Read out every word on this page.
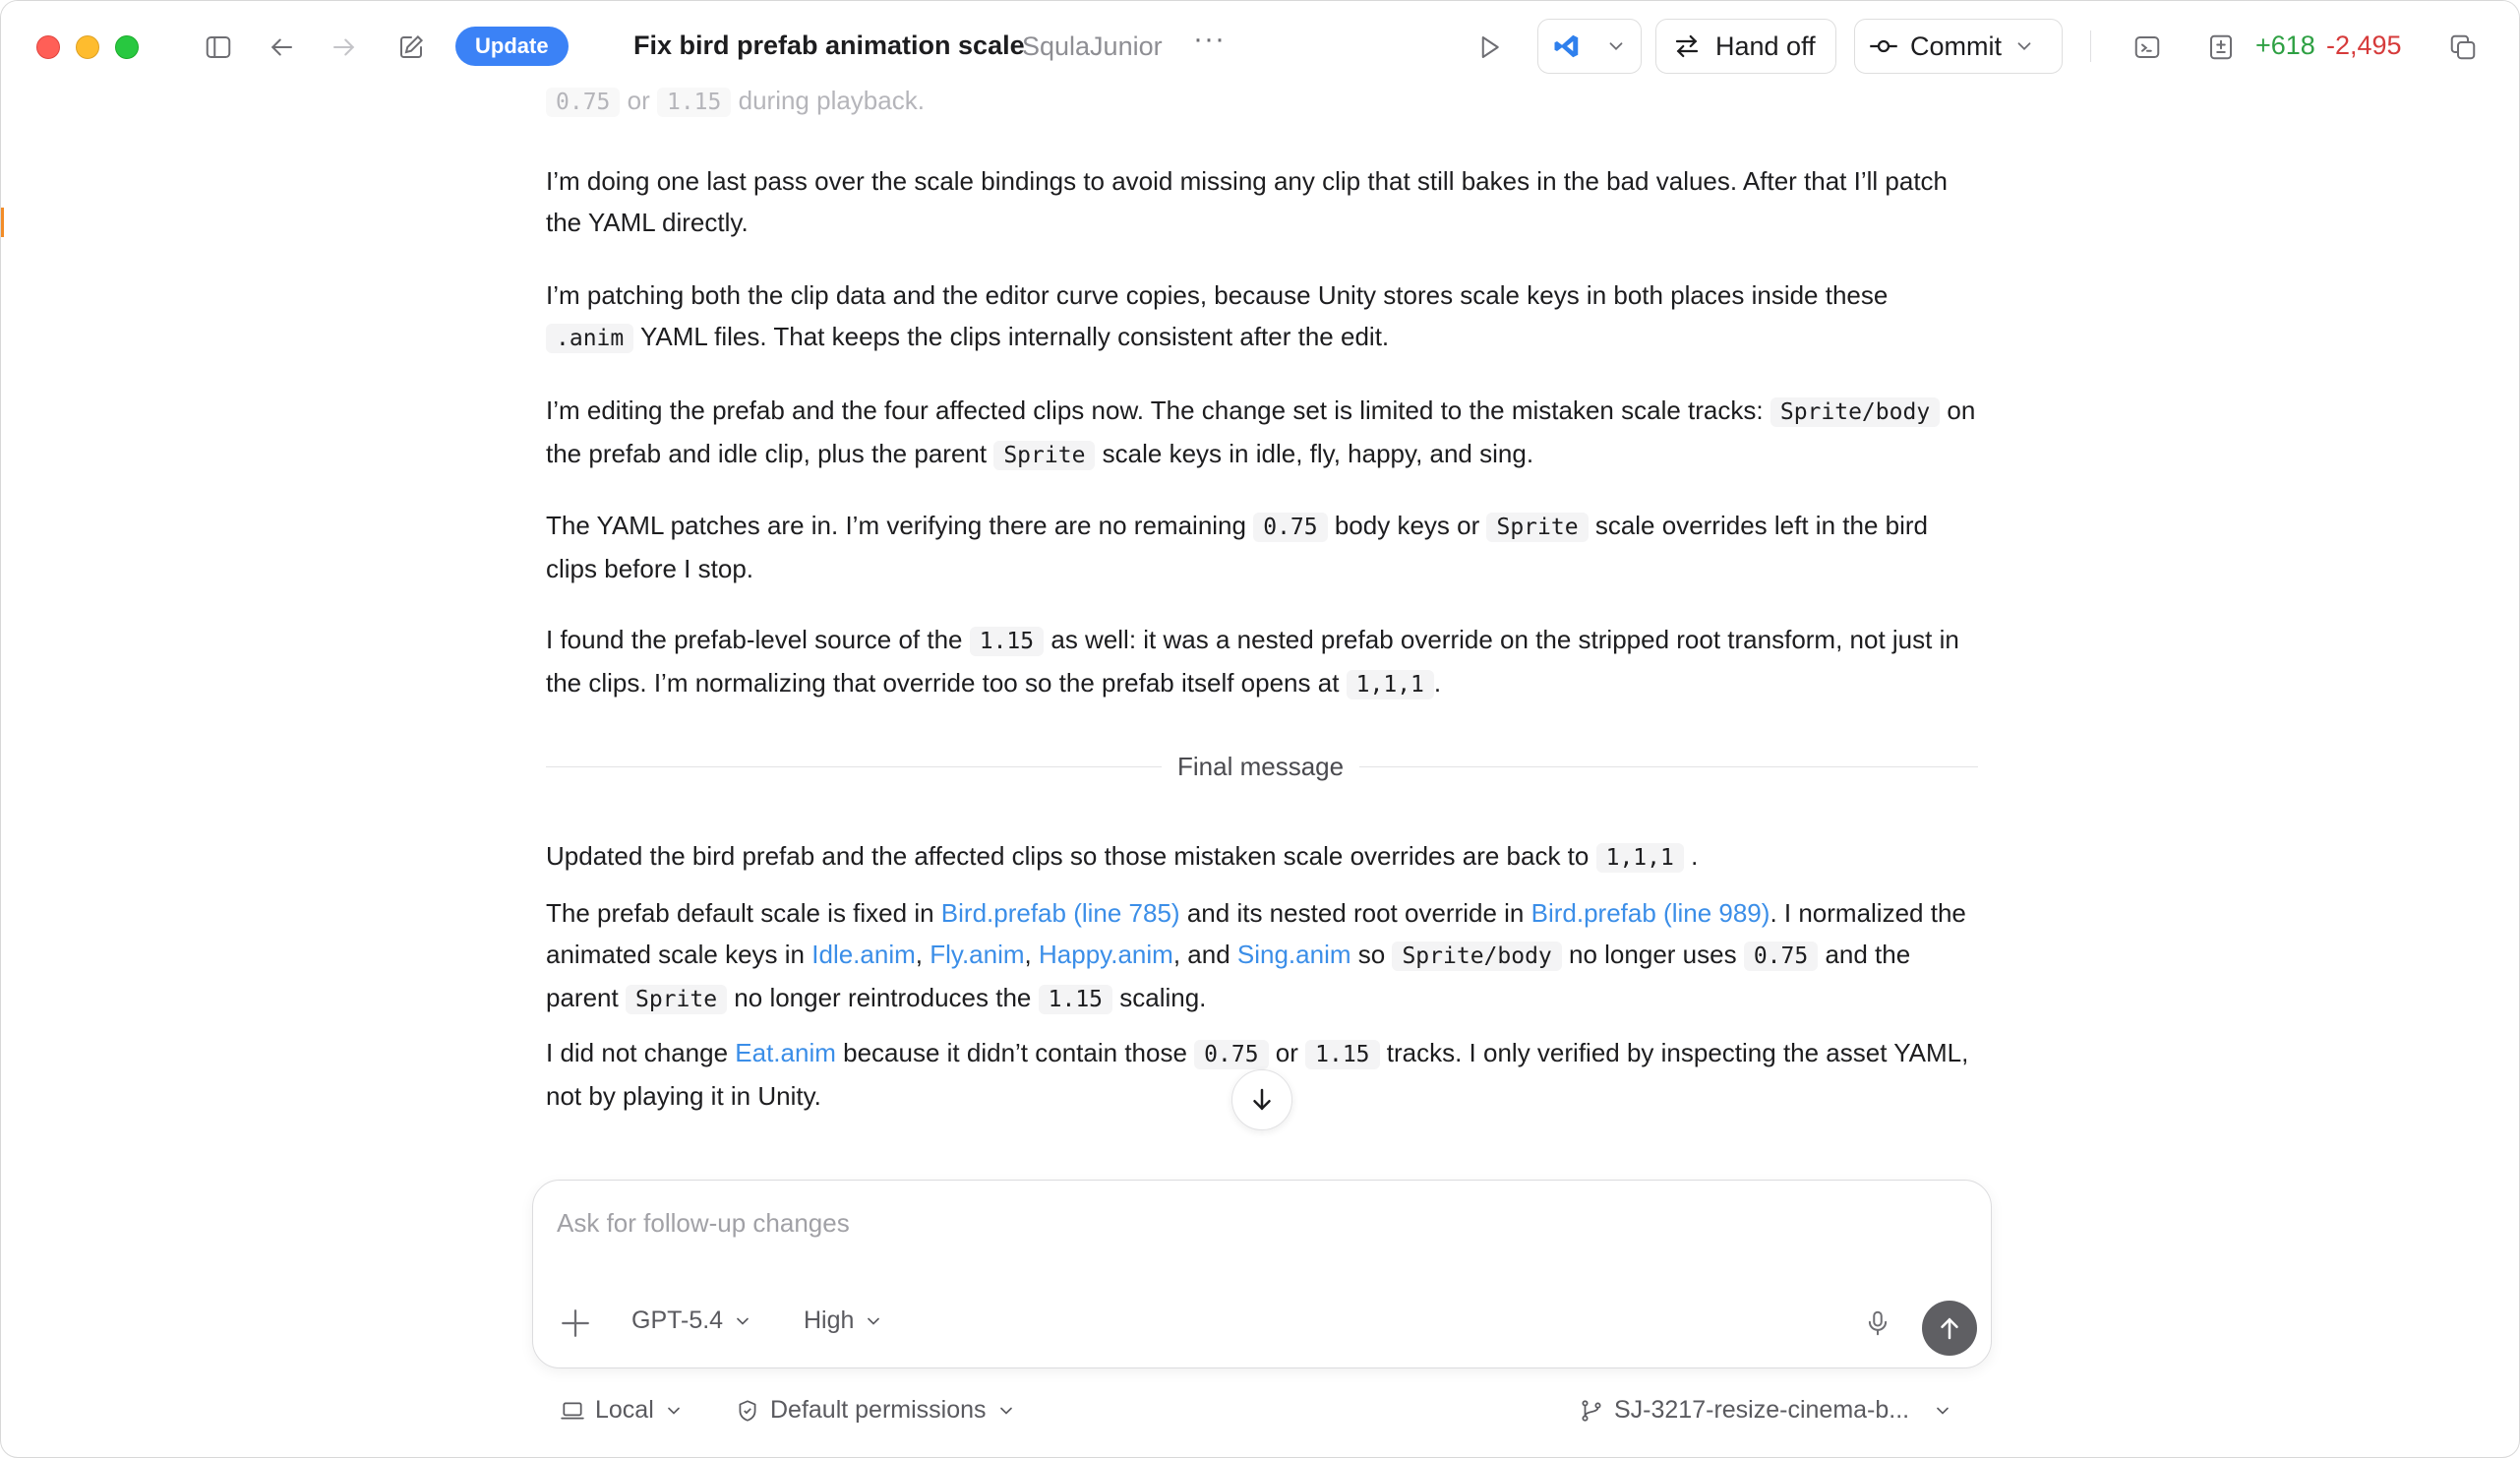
Update	Fix bird prefab animation scale
SqulaJunior ···	Hand off	Commit	+618 -2,495
0.75 or 1.15 during playback.
I’m doing one last pass over the scale bindings to avoid missing any clip that still bakes in the bad values. After that I’ll patch the YAML directly.
I’m patching both the clip data and the editor curve copies, because Unity stores scale keys in both places inside these .anim YAML files. That keeps the clips internally consistent after the edit.
I’m editing the prefab and the four affected clips now. The change set is limited to the mistaken scale tracks: Sprite/body on the prefab and idle clip, plus the parent Sprite scale keys in idle, fly, happy, and sing.
The YAML patches are in. I’m verifying there are no remaining 0.75 body keys or Sprite scale overrides left in the bird clips before I stop.
I found the prefab-level source of the 1.15 as well: it was a nested prefab override on the stripped root transform, not just in the clips. I’m normalizing that override too so the prefab itself opens at 1,1,1 .
Final message
Updated the bird prefab and the affected clips so those mistaken scale overrides are back to 1,1,1 .
The prefab default scale is fixed in Bird.prefab (line 785) and its nested root override in Bird.prefab (line 989). I normalized the animated scale keys in Idle.anim, Fly.anim, Happy.anim, and Sing.anim so Sprite/body no longer uses 0.75 and the parent Sprite no longer reintroduces the 1.15 scaling.
I did not change Eat.anim because it didn’t contain those 0.75 or 1.15 tracks. I only verified by inspecting the asset YAML, not by playing it in Unity.
Ask for follow-up changes
GPT-5.4	High
Local	Default permissions	SJ-3217-resize-cinema-b...
